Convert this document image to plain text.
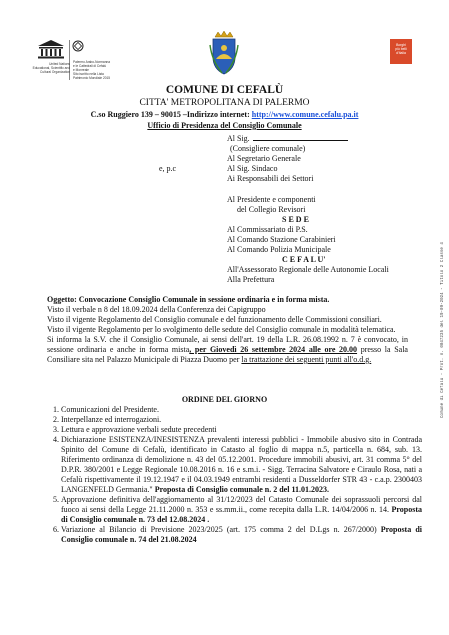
United Nations
Educational, Scientific and
Cultural Organization
Palermo Arabo-Normanna
e le Cattedrali di Cefalù
e Monreale
Sito iscritto nella Lista
Patrimonio Mondiale 2015
Borghi
più belli
d'Italia
COMUNE DI CEFALÙ
CITTA' METROPOLITANA DI PALERMO
C.so Ruggiero 139 – 90015 –Indirizzo internet: http://www.comune.cefalu.pa.it
Ufficio di Presidenza del Consiglio Comunale
Al Sig.
(Consigliere comunale)
Al Segretario Generale
Al Sig. Sindaco
Ai Responsabili dei Settori
e, p.c
Al Presidente e componenti
del Collegio Revisori
S E D E
Al Commissariato di P.S.
Al Comando Stazione Carabinieri
Al Comando Polizia Municipale
C E F A L U'
All'Assessorato Regionale delle Autonomie Locali
Alla Prefettura
Oggetto: Convocazione Consiglio Comunale in sessione ordinaria e in forma mista.
Visto il verbale n 8 del 18.09.2024 della Conferenza dei Capigruppo
Visto il vigente Regolamento del Consiglio comunale e del funzionamento delle Commissioni consiliari.
Visto il vigente Regolamento per lo svolgimento delle sedute del Consiglio comunale in modalità telematica.
Si informa la S.V. che il Consiglio Comunale, ai sensi dell'art. 19 della L.R. 26.08.1992 n. 7 è convocato, in sessione ordinaria e anche in forma mista, per Giovedì 26 settembre 2024 alle ore 20.00 presso la Sala Consiliare sita nel Palazzo Municipale di Piazza Duomo per la trattazione dei seguenti punti all'o.d.g.
ORDINE DEL GIORNO
1. Comunicazioni del Presidente.
2. Interpellanze ed interrogazioni.
3. Lettura e approvazione verbali sedute precedenti
4. Dichiarazione ESISTENZA/INESISTENZA prevalenti interessi pubblici - Immobile abusivo sito in Contrada Spinito del Comune di Cefalù, identificato in Catasto al foglio di mappa n.5, particella n. 684, sub. 13. Riferimento ordinanza di demolizione n. 43 del 05.12.2001. Procedure immobili abusivi, art. 31 comma 5° del D.P.R. 380/2001 e Legge Regionale 10.08.2016 n. 16 e s.m.i. - Sigg. Terracina Salvatore e Ciraulo Rosa, nati a Cefalù rispettivamente il 19.12.1947 e il 04.03.1949 entrambi residenti a Dusseldorfer STR 43 - c.a.p. 2300403 LANGENFELD Germania." Proposta di Consiglio comunale n. 2 del 11.01.2023.
5. Approvazione definitiva dell'aggiornamento al 31/12/2023 del Catasto Comunale dei soprassuoli percorsi dal fuoco ai sensi della Legge 21.11.2000 n. 353 e ss.mm.ii., come recepita dalla L.R. 14/04/2006 n. 14. Proposta di Consiglio comunale n. 73 del 12.08.2024 .
6. Variazione al Bilancio di Previsione 2023/2025 (art. 175 comma 2 del D.Lgs n. 267/2000) Proposta di Consiglio comunale n. 74 del 21.08.2024
Comune di Cefalù - Prot. n. 0047235 del 19-09-2024 - Titolo 2 Classe 4
